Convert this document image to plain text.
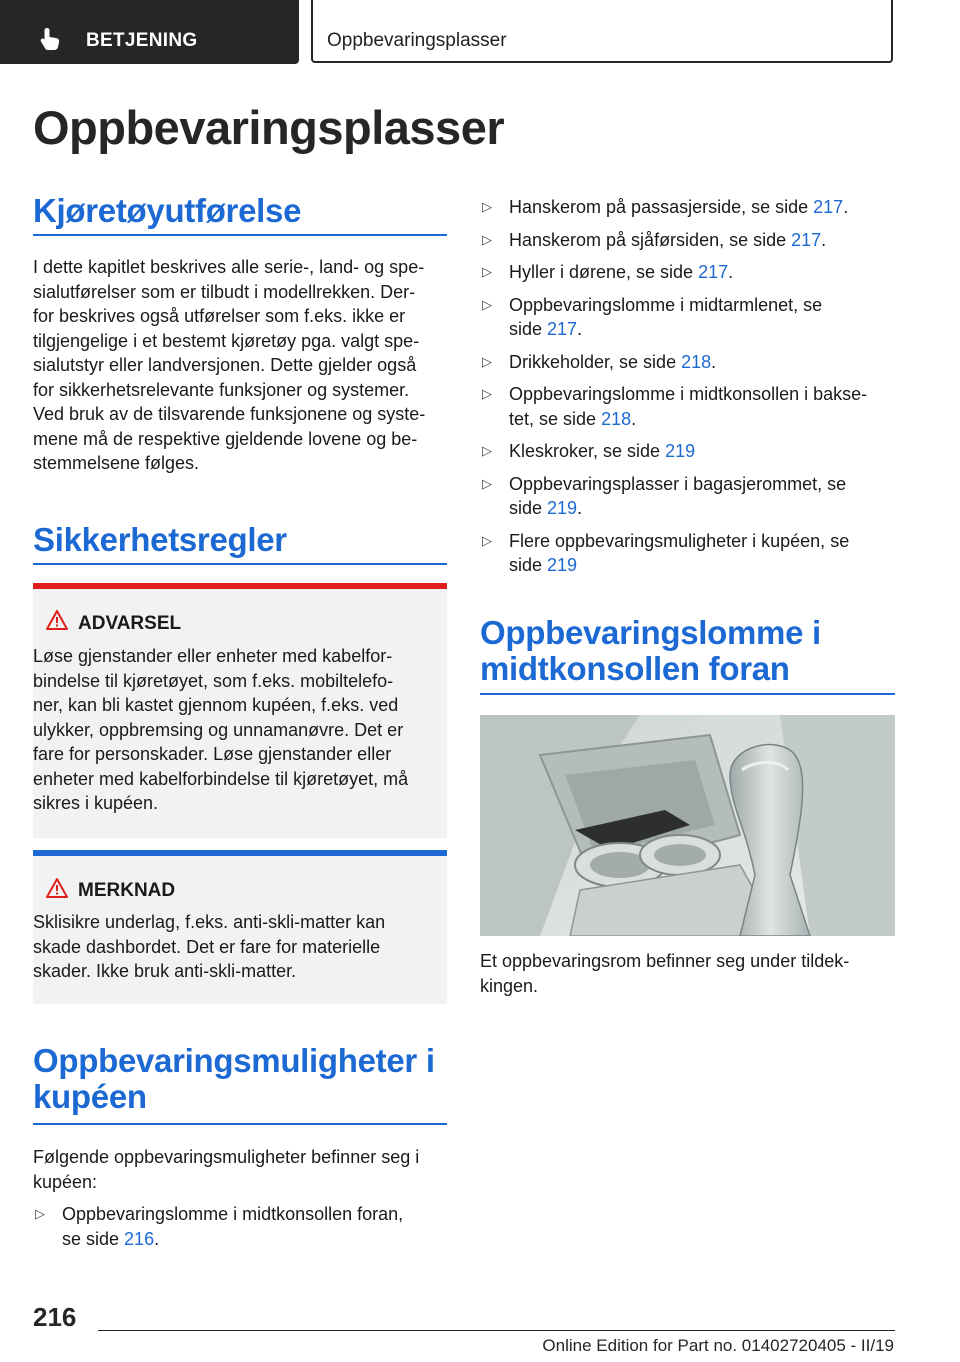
BETJENING	Oppbevaringsplasser
Oppbevaringsplasser
Kjøretøyutførelse

I dette kapitlet beskrives alle serie-, land- og spe-

sialutførelser som er tilbudt i modellrekken. Der-

for beskrives også utførelser som f.eks. ikke er

tilgjengelige i et bestemt kjøretøy pga. valgt spe-

sialutstyr eller landversjonen. Dette gjelder også

for sikkerhetsrelevante funksjoner og systemer.

Ved bruk av de tilsvarende funksjonene og syste-

mene må de respektive gjeldende lovene og be-

stemmelsene følges.

Sikkerhetsregler
ADVARSEL
Løse gjenstander eller enheter med kabelfor-
bindelse til kjøretøyet, som f.eks. mobiltelefo-
ner, kan bli kastet gjennom kupéen, f.eks. ved
ulykker, oppbremsing og unnamanøvre. Det er
fare for personskader. Løse gjenstander eller
enheter med kabelforbindelse til kjøretøyet, må
sikres i kupéen.
MERKNAD
Sklisikre underlag, f.eks. anti-skli-matter kan
skade dashbordet. Det er fare for materielle
skader. Ikke bruk anti-skli-matter.
Oppbevaringsmuligheter i
kupéen

Følgende oppbevaringsmuligheter befinner seg i

kupéen:

▷ Oppbevaringslomme i midtkonsollen foran,
se side 216.
▷ Hanskerom på passasjerside, se side 217.
▷ Hanskerom på sjåførsiden, se side 217.
▷ Hyller i dørene, se side 217.
▷ Oppbevaringslomme i midtarmlenet, se
side 217.
▷ Drikkeholder, se side 218.
▷ Oppbevaringslomme i midtkonsollen i bakse-
tet, se side 218.
▷ Kleskroker, se side 219
▷ Oppbevaringsplasser i bagasjerommet, se
side 219.
▷ Flere oppbevaringsmuligheter i kupéen, se
side 219
Oppbevaringslomme i
midtkonsollen foran

Et oppbevaringsrom befinner seg under tildek-

kingen.

216
Online Edition for Part no. 01402720405 - II/19
